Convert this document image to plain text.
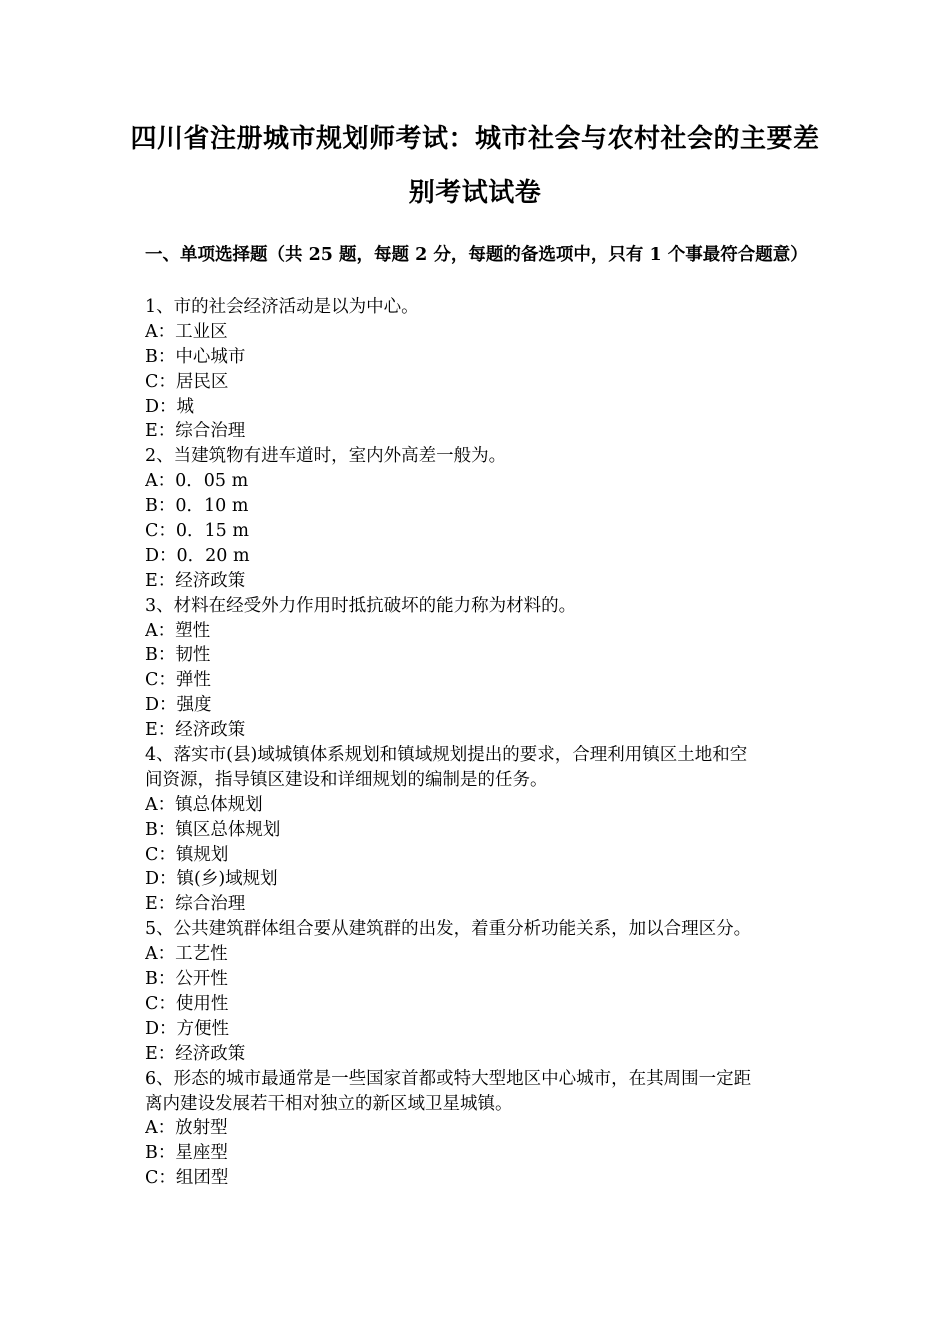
四川省注册城市规划师考试：城市社会与农村社会的主要差
别考试试卷
一、单项选择题（共 25 题，每题 2 分，每题的备选项中，只有 1 个事最符合题意）
1、市的社会经济活动是以为中心。
A：工业区
B：中心城市
C：居民区
D：城
E：综合治理
2、当建筑物有进车道时，室内外高差一般为。
A：0．05 m
B：0．10 m
C：0．15 m
D：0．20 m
E：经济政策
3、材料在经受外力作用时抵抗破坏的能力称为材料的。
A：塑性
B：韧性
C：弹性
D：强度
E：经济政策
4、落实市(县)域城镇体系规划和镇域规划提出的要求，合理利用镇区土地和空
间资源，指导镇区建设和详细规划的编制是的任务。
A：镇总体规划
B：镇区总体规划
C：镇规划
D：镇(乡)域规划
E：综合治理
5、公共建筑群体组合要从建筑群的出发，着重分析功能关系，加以合理区分。
A：工艺性
B：公开性
C：使用性
D：方便性
E：经济政策
6、形态的城市最通常是一些国家首都或特大型地区中心城市，在其周围一定距
离内建设发展若干相对独立的新区域卫星城镇。
A：放射型
B：星座型
C：组团型
